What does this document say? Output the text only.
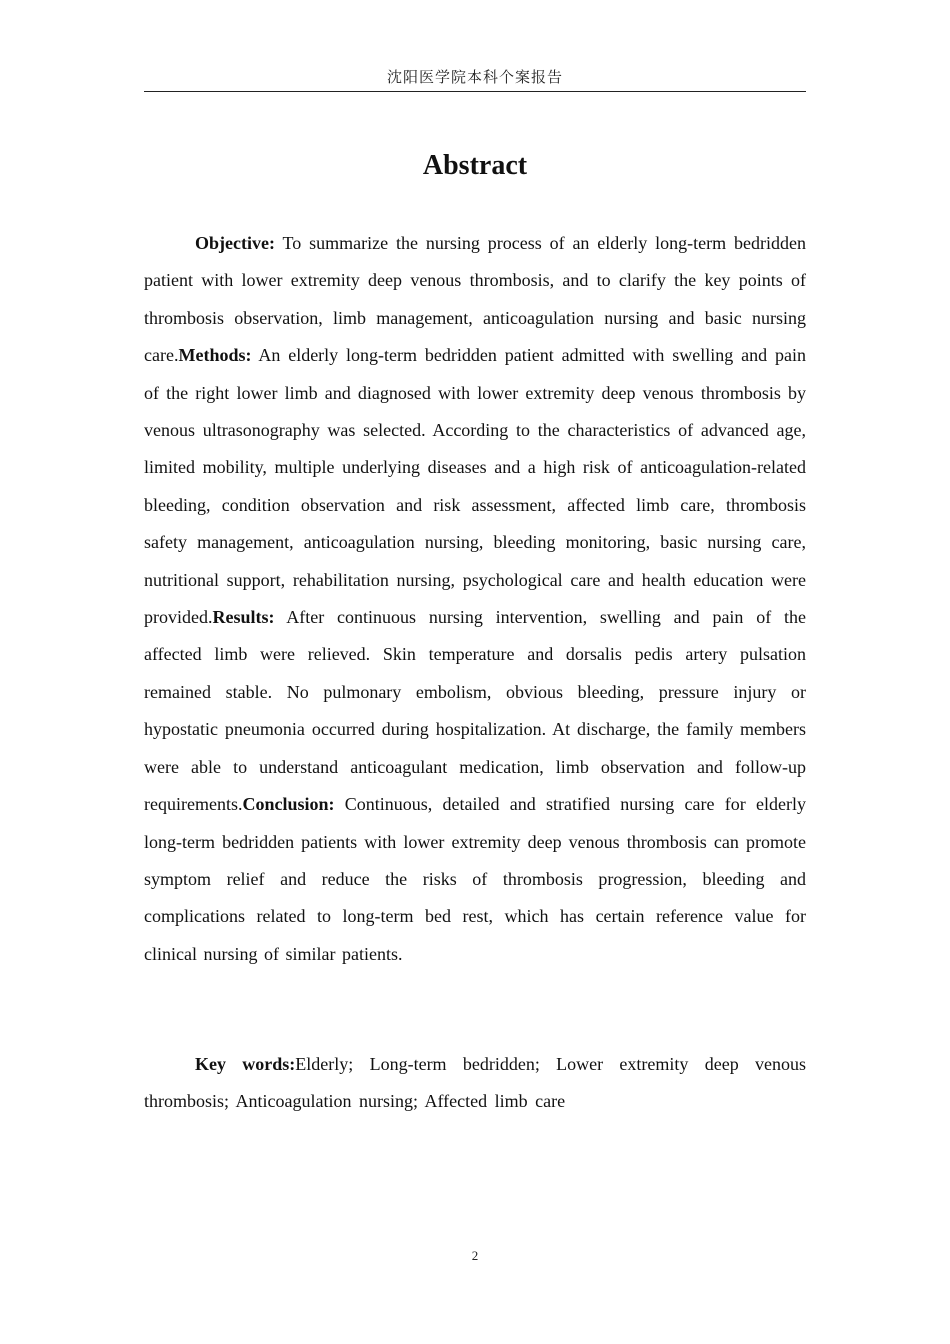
沈阳医学院本科个案报告
Abstract

Objective: To summarize the nursing process of an elderly long-term bedridden patient with lower extremity deep venous thrombosis, and to clarify the key points of thrombosis observation, limb management, anticoagulation nursing and basic nursing care.Methods: An elderly long-term bedridden patient admitted with swelling and pain of the right lower limb and diagnosed with lower extremity deep venous thrombosis by venous ultrasonography was selected. According to the characteristics of advanced age, limited mobility, multiple underlying diseases and a high risk of anticoagulation-related bleeding, condition observation and risk assessment, affected limb care, thrombosis safety management, anticoagulation nursing, bleeding monitoring, basic nursing care, nutritional support, rehabilitation nursing, psychological care and health education were provided.Results: After continuous nursing intervention, swelling and pain of the affected limb were relieved. Skin temperature and dorsalis pedis artery pulsation remained stable. No pulmonary embolism, obvious bleeding, pressure injury or hypostatic pneumonia occurred during hospitalization. At discharge, the family members were able to understand anticoagulant medication, limb observation and follow-up requirements.Conclusion: Continuous, detailed and stratified nursing care for elderly long-term bedridden patients with lower extremity deep venous thrombosis can promote symptom relief and reduce the risks of thrombosis progression, bleeding and complications related to long-term bed rest, which has certain reference value for clinical nursing of similar patients.

Key words:Elderly; Long-term bedridden; Lower extremity deep venous thrombosis; Anticoagulation nursing; Affected limb care

2
